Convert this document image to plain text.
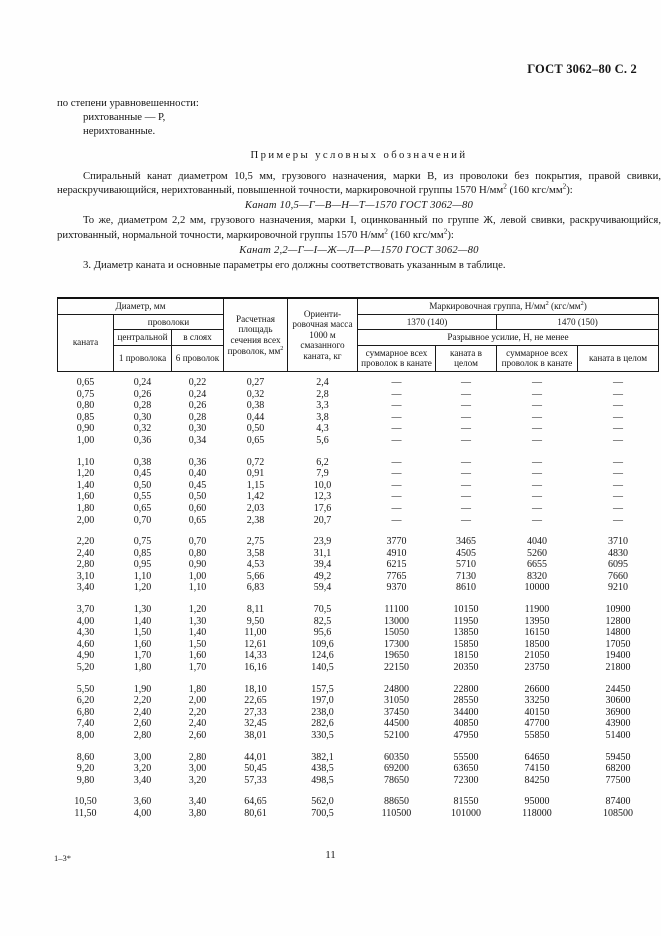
ГОСТ 3062–80 С. 2
по степени уравновешенности:
рихтованные — Р,
нерихтованные.
Примеры условных обозначений

Спиральный канат диаметром 10,5 мм, грузового назначения, марки В, из проволоки без покрытия, правой свивки, нераскручивающийся, нерихтованный, повышенной точности, маркировочной группы 1570 $Н/мм^2$ (160 кгс/$мм^2$):

Канат 10,5—Г—В—Н—Т—1570 ГОСТ 3062—80

То же, диаметром 2,2 мм, грузового назначения, марки I, оцинкованный по группе Ж, левой свивки, раскручивающийся, рихтованный, нормальной точности, маркировочной группы 1570 $Н/мм^2$ (160 кгс/$мм^2$):

Канат 2,2—Г—I—Ж—Л—Р—1570 ГОСТ 3062—80

3. Диаметр каната и основные параметры его должны соответствовать указанным в таблице.

Диаметр, мм			Расчетная площадь сечения всех проволок, $мм^2$	Ориентировочная масса 1000 м смазанного каната, кг	Маркировочная группа, $Н/мм^2$ $(кгс/мм^2)$			
каната	проволоки				1370 (140)		1470 (150)	
	центральной	в слоях			Разрывное усилие, Н, не менее			
	1 проволока	6 проволок			суммарное всех проволок в канате	каната в целом	суммарное всех проволок в канате	каната в целом
0,65	0,24	0,22	0,27	2,4	—	—	—	—
0,75	0,26	0,24	0,32	2,8	—	—	—	—
0,80	0,28	0,26	0,38	3,3	—	—	—	—
0,85	0,30	0,28	0,44	3,8	—	—	—	—
0,90	0,32	0,30	0,50	4,3	—	—	—	—
1,00	0,36	0,34	0,65	5,6	—	—	—	—

1,10	0,38	0,36	0,72	6,2	—	—	—	—
1,20	0,45	0,40	0,91	7,9	—	—	—	—
1,40	0,50	0,45	1,15	10,0	—	—	—	—
1,60	0,55	0,50	1,42	12,3	—	—	—	—
1,80	0,65	0,60	2,03	17,6	—	—	—	—
2,00	0,70	0,65	2,38	20,7	—	—	—	—

2,20	0,75	0,70	2,75	23,9	3770	3465	4040	3710
2,40	0,85	0,80	3,58	31,1	4910	4505	5260	4830
2,80	0,95	0,90	4,53	39,4	6215	5710	6655	6095
3,10	1,10	1,00	5,66	49,2	7765	7130	8320	7660
3,40	1,20	1,10	6,83	59,4	9370	8610	10000	9210

3,70	1,30	1,20	8,11	70,5	11100	10150	11900	10900
4,00	1,40	1,30	9,50	82,5	13000	11950	13950	12800
4,30	1,50	1,40	11,00	95,6	15050	13850	16150	14800
4,60	1,60	1,50	12,61	109,6	17300	15850	18500	17050
4,90	1,70	1,60	14,33	124,6	19650	18150	21050	19400
5,20	1,80	1,70	16,16	140,5	22150	20350	23750	21800

5,50	1,90	1,80	18,10	157,5	24800	22800	26600	24450
6,20	2,20	2,00	22,65	197,0	31050	28550	33250	30600
6,80	2,40	2,20	27,33	238,0	37450	34400	40150	36900
7,40	2,60	2,40	32,45	282,6	44500	40850	47700	43900
8,00	2,80	2,60	38,01	330,5	52100	47950	55850	51400

8,60	3,00	2,80	44,01	382,1	60350	55500	64650	59450
9,20	3,20	3,00	50,45	438,5	69200	63650	74150	68200
9,80	3,40	3,20	57,33	498,5	78650	72300	84250	77500

10,50	3,60	3,40	64,65	562,0	88650	81550	95000	87400
11,50	4,00	3,80	80,61	700,5	110500	101000	118000	108500
1–3*	11
